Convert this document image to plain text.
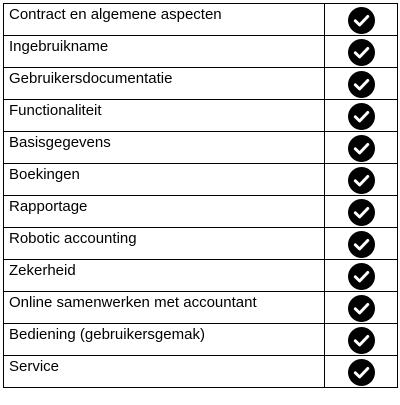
Contract en algemene aspecten

Ingebruikname

Gebruikersdocumentatie

Functionaliteit

Basisgegevens

Boekingen

Rapportage

Robotic accounting

Zekerheid

Online samenwerken met accountant

Bediening (gebruikersgemak)

Service
